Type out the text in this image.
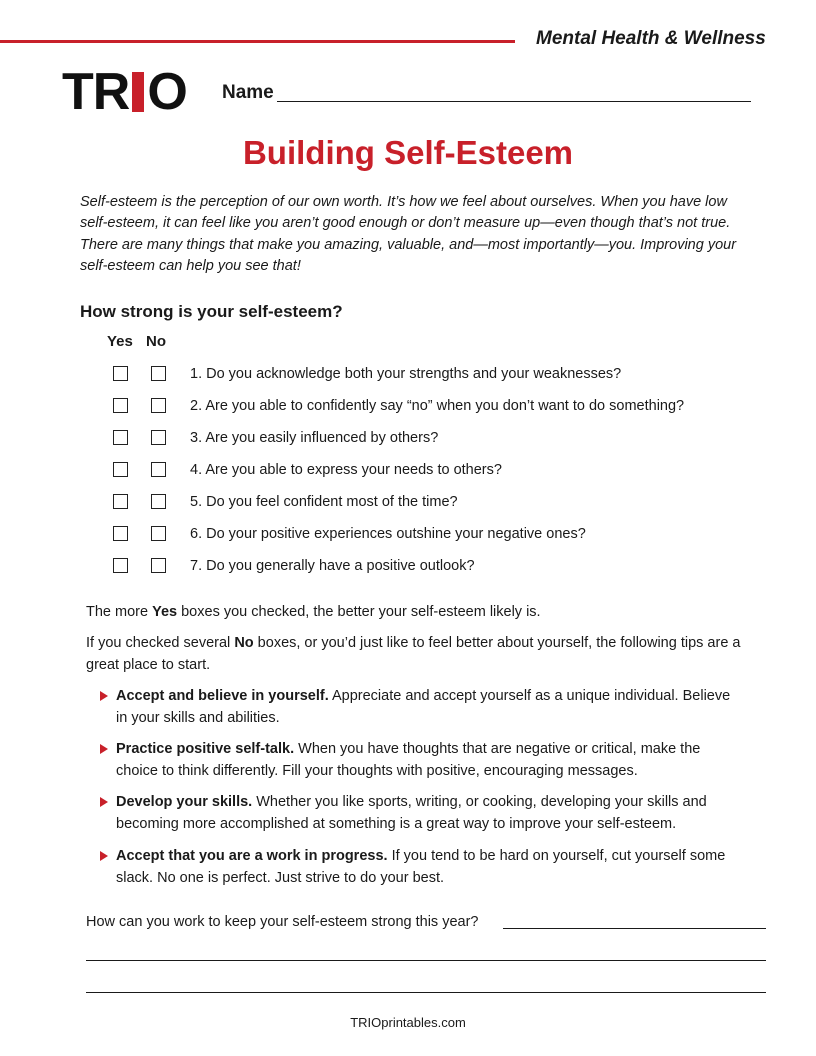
Mental Health & Wellness
TR O Name
Building Self-Esteem
Self-esteem is the perception of our own worth. It’s how we feel about ourselves. When you have low self-esteem, it can feel like you aren’t good enough or don’t measure up—even though that’s not true. There are many things that make you amazing, valuable, and—most importantly—you. Improving your self-esteem can help you see that!
How strong is your self-esteem?
Yes No
1. Do you acknowledge both your strengths and your weaknesses?
2. Are you able to confidently say “no” when you don’t want to do something?
3. Are you easily influenced by others?
4. Are you able to express your needs to others?
5. Do you feel confident most of the time?
6. Do your positive experiences outshine your negative ones?
7. Do you generally have a positive outlook?
The more Yes boxes you checked, the better your self-esteem likely is.
If you checked several No boxes, or you’d just like to feel better about yourself, the following tips are a great place to start.
Accept and believe in yourself. Appreciate and accept yourself as a unique individual. Believe in your skills and abilities.
Practice positive self-talk. When you have thoughts that are negative or critical, make the choice to think differently. Fill your thoughts with positive, encouraging messages.
Develop your skills. Whether you like sports, writing, or cooking, developing your skills and becoming more accomplished at something is a great way to improve your self-esteem.
Accept that you are a work in progress. If you tend to be hard on yourself, cut yourself some slack. No one is perfect. Just strive to do your best.
How can you work to keep your self-esteem strong this year?
TRIOprintables.com
